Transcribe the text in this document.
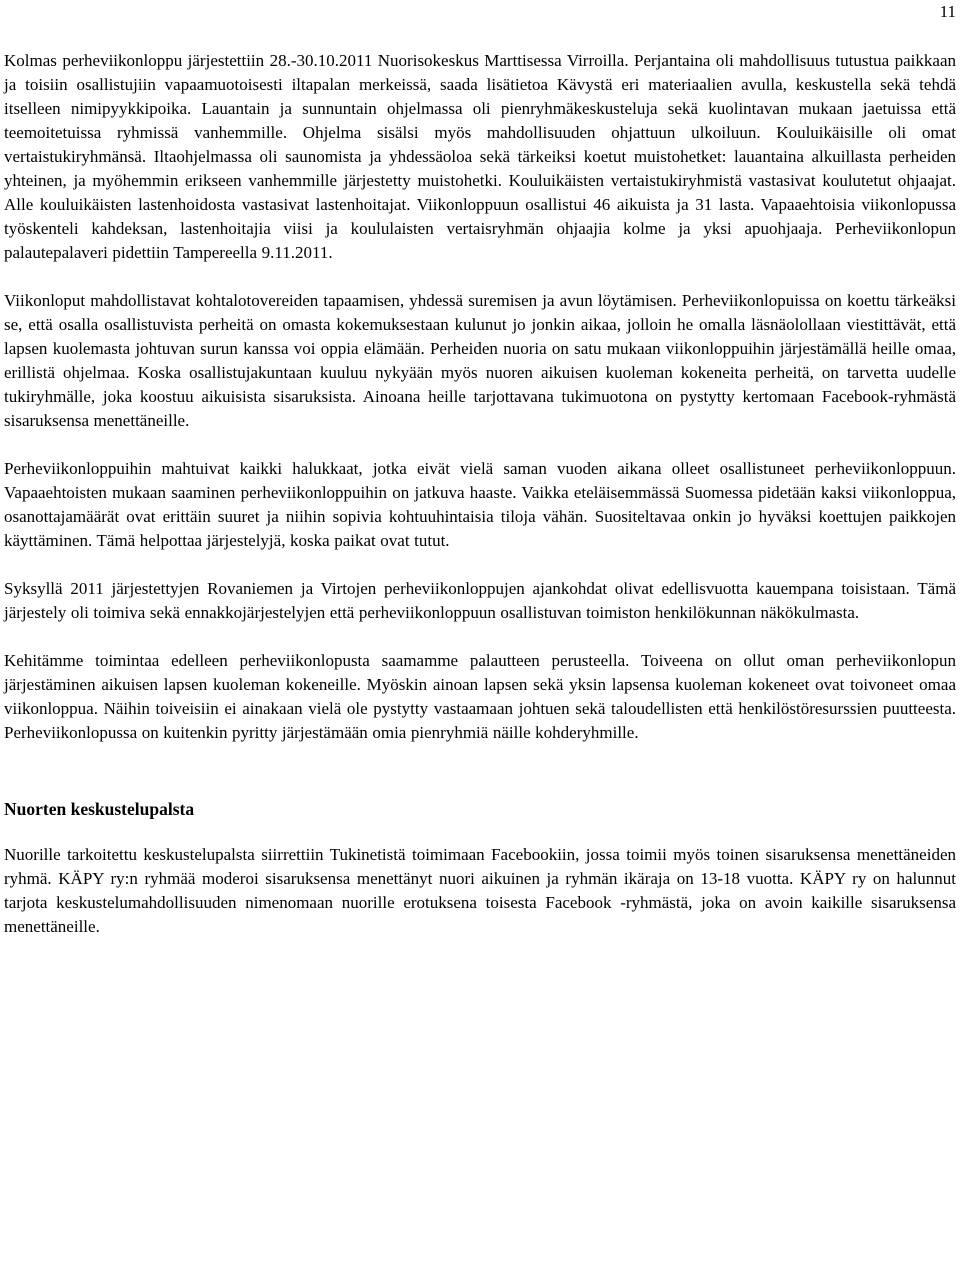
11

Kolmas perheviikonloppu järjestettiin 28.-30.10.2011 Nuorisokeskus Marttisessa Virroilla. Perjantaina oli mahdollisuus tutustua paikkaan ja toisiin osallistujiin vapaamuotoisesti iltapalan merkeissä, saada lisätietoa Kävystä eri materiaalien avulla, keskustella sekä tehdä itselleen nimipyykkipoika. Lauantain ja sunnuntain ohjelmassa oli pienryhmäkeskusteluja sekä kuolintavan mukaan jaetuissa että teemoitetuissa ryhmissä vanhemmille. Ohjelma sisälsi myös mahdollisuuden ohjattuun ulkoiluun. Kouluikäisille oli omat vertaistukiryhmänsä. Iltaohjelmassa oli saunomista ja yhdessäoloa sekä tärkeiksi koetut muistohetket: lauantaina alkuillasta perheiden yhteinen, ja myöhemmin erikseen vanhemmille järjestetty muistohetki. Kouluikäisten vertaistukiryhmistä vastasivat koulutetut ohjaajat. Alle kouluikäisten lastenhoidosta vastasivat lastenhoitajat. Viikonloppuun osallistui 46 aikuista ja 31 lasta. Vapaaehtoisia viikonlopussa työskenteli kahdeksan, lastenhoitajia viisi ja koululaisten vertaisryhmän ohjaajia kolme ja yksi apuohjaaja. Perheviikonlopun palautepalaveri pidettiin Tampereella 9.11.2011.

Viikonloput mahdollistavat kohtalotovereiden tapaamisen, yhdessä suremisen ja avun löytämisen. Perheviikonlopuissa on koettu tärkeäksi se, että osalla osallistuvista perheitä on omasta kokemuksestaan kulunut jo jonkin aikaa, jolloin he omalla läsnäolollaan viestittävät, että lapsen kuolemasta johtuvan surun kanssa voi oppia elämään. Perheiden nuoria on satu mukaan viikonloppuihin järjestämällä heille omaa, erillistä ohjelmaa. Koska osallistujakuntaan kuuluu nykyään myös nuoren aikuisen kuoleman kokeneita perheitä, on tarvetta uudelle tukiryhmälle, joka koostuu aikuisista sisaruksista. Ainoana heille tarjottavana tukimuotona on pystytty kertomaan Facebook-ryhmästä sisaruksensa menettäneille.

Perheviikonloppuihin mahtuivat kaikki halukkaat, jotka eivät vielä saman vuoden aikana olleet osallistuneet perheviikonloppuun. Vapaaehtoisten mukaan saaminen perheviikonloppuihin on jatkuva haaste. Vaikka eteläisemmässä Suomessa pidetään kaksi viikonloppua, osanottajamäärät ovat erittäin suuret ja niihin sopivia kohtuuhintaisia tiloja vähän. Suositeltavaa onkin jo hyväksi koettujen paikkojen käyttäminen. Tämä helpottaa järjestelyjä, koska paikat ovat tutut.

Syksyllä 2011 järjestettyjen Rovaniemen ja Virtojen perheviikonloppujen ajankohdat olivat edellisvuotta kauempana toisistaan. Tämä järjestely oli toimiva sekä ennakkojärjestelyjen että perheviikonloppuun osallistuvan toimiston henkilökunnan näkökulmasta.

Kehitämme toimintaa edelleen perheviikonlopusta saamamme palautteen perusteella. Toiveena on ollut oman perheviikonlopun järjestäminen aikuisen lapsen kuoleman kokeneille. Myöskin ainoan lapsen sekä yksin lapsensa kuoleman kokeneet ovat toivoneet omaa viikonloppua. Näihin toiveisiin ei ainakaan vielä ole pystytty vastaamaan johtuen sekä taloudellisten että henkilöstöresurssien puutteesta. Perheviikonlopussa on kuitenkin pyritty järjestämään omia pienryhmiä näille kohderyhmille.

Nuorten keskustelupalsta

Nuorille tarkoitettu keskustelupalsta siirrettiin Tukinetistä toimimaan Facebookiin, jossa toimii myös toinen sisaruksensa menettäneiden ryhmä. KÄPY ry:n ryhmää moderoi sisaruksensa menettänyt nuori aikuinen ja ryhmän ikäraja on 13-18 vuotta. KÄPY ry on halunnut tarjota keskustelumahdollisuuden nimenomaan nuorille erotuksena toisesta Facebook -ryhmästä, joka on avoin kaikille sisaruksensa menettäneille.
